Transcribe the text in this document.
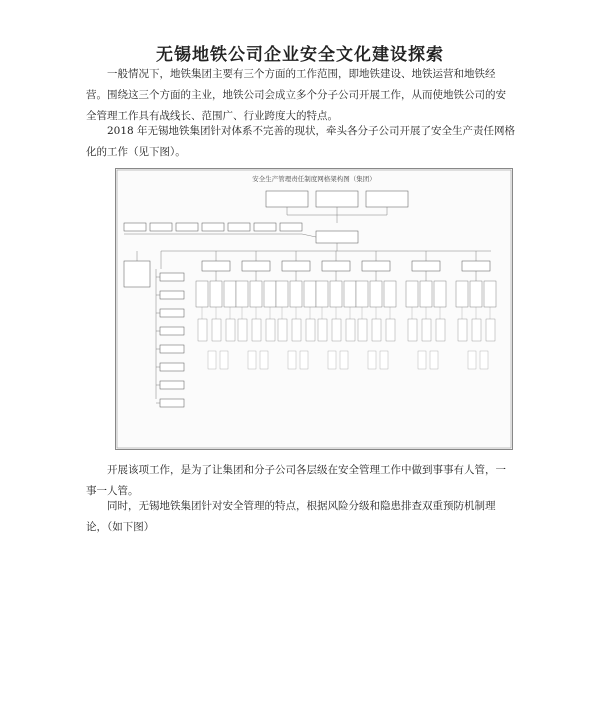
无锡地铁公司企业安全文化建设探索

一般情况下，地铁集团主要有三个方面的工作范围，即地铁建设、地铁运营和地铁经营。围绕这三个方面的主业，地铁公司会成立多个分子公司开展工作，从而使地铁公司的安全管理工作具有战线长、范围广、行业跨度大的特点。

2018 年无锡地铁集团针对体系不完善的现状，牵头各分子公司开展了安全生产责任网格化的工作（见下图）。

安全生产管理责任制度网格架构图（集团）

开展该项工作，是为了让集团和分子公司各层级在安全管理工作中做到事事有人管，一事一人管。

同时，无锡地铁集团针对安全管理的特点，根据风险分级和隐患排查双重预防机制理论，（如下图）
